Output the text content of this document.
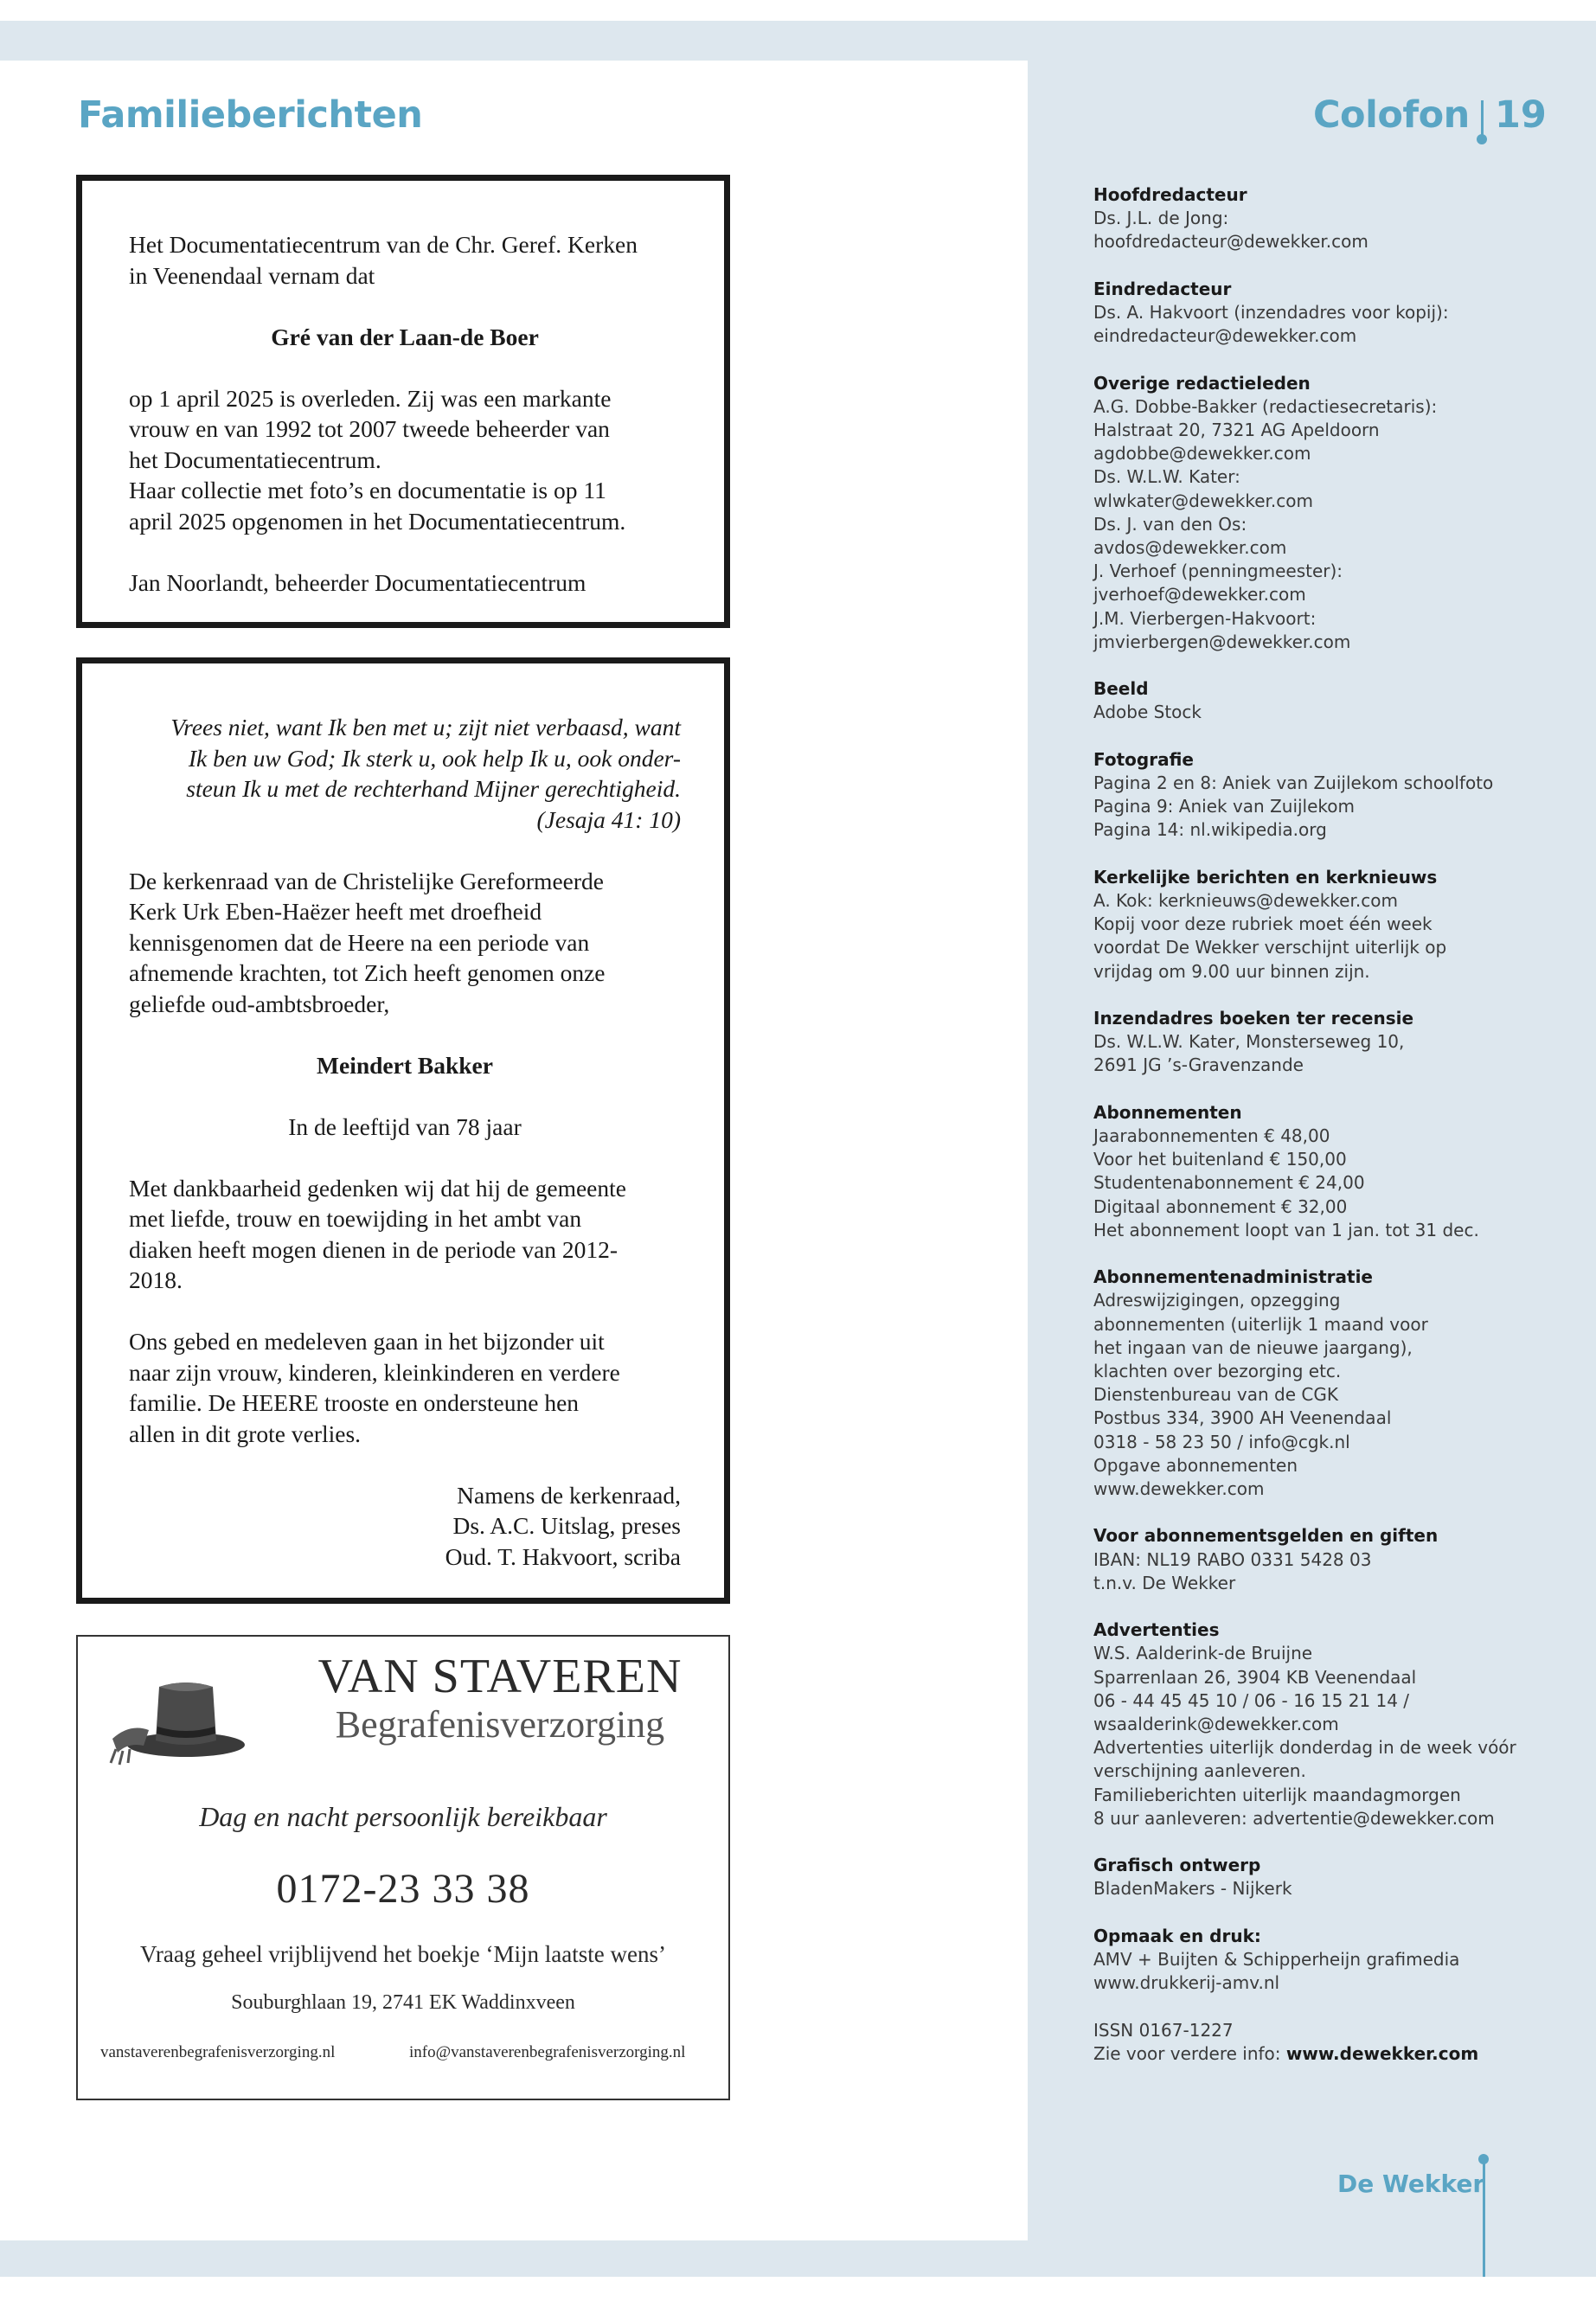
Familieberichten	Colofon 19

Het Documentatiecentrum van de Chr. Geref. Kerken

in Veenendaal vernam dat

Gré van der Laan-de Boer

op 1 april 2025 is overleden. Zij was een markante

vrouw en van 1992 tot 2007 tweede beheerder van

het Documentatiecentrum.

Haar collectie met foto’s en documentatie is op 11

april 2025 opgenomen in het Documentatiecentrum.

Jan Noorlandt, beheerder Documentatiecentrum

Vrees niet, want Ik ben met u; zijt niet verbaasd, want

Ik ben uw God; Ik sterk u, ook help Ik u, ook onder-

steun Ik u met de rechterhand Mijner gerechtigheid.

(Jesaja 41: 10)

De kerkenraad van de Christelijke Gereformeerde

Kerk Urk Eben-Haëzer heeft met droefheid

kennisgenomen dat de Heere na een periode van

afnemende krachten, tot Zich heeft genomen onze

geliefde oud-ambtsbroeder,

Meindert Bakker

In de leeftijd van 78 jaar

Met dankbaarheid gedenken wij dat hij de gemeente

met liefde, trouw en toewijding in het ambt van

diaken heeft mogen dienen in de periode van 2012-

2018.

Ons gebed en medeleven gaan in het bijzonder uit

naar zijn vrouw, kinderen, kleinkinderen en verdere

familie. De HEERE trooste en ondersteune hen

allen in dit grote verlies.

Namens de kerkenraad,

Ds. A.C. Uitslag, preses

Oud. T. Hakvoort, scriba

VAN STAVEREN
Begrafenisverzorging
Dag en nacht persoonlijk bereikbaar
0172-23 33 38
Vraag geheel vrijblijvend het boekje ‘Mijn laatste wens’
Souburghlaan 19, 2741 EK Waddinxveen
vanstaverenbegrafenisverzorging.nl	info@vanstaverenbegrafenisverzorging.nl
Hoofdredacteur
Ds. J.L. de Jong:
hoofdredacteur@dewekker.com
Eindredacteur
Ds. A. Hakvoort (inzendadres voor kopij):
eindredacteur@dewekker.com
Overige redactieleden
A.G. Dobbe-Bakker (redactiesecretaris):
Halstraat 20, 7321 AG Apeldoorn
agdobbe@dewekker.com
Ds. W.L.W. Kater:
wlwkater@dewekker.com
Ds. J. van den Os:
avdos@dewekker.com
J. Verhoef (penningmeester):
jverhoef@dewekker.com
J.M. Vierbergen-Hakvoort:
jmvierbergen@dewekker.com
Beeld
Adobe Stock
Fotografie
Pagina 2 en 8: Aniek van Zuijlekom schoolfoto
Pagina 9: Aniek van Zuijlekom
Pagina 14: nl.wikipedia.org
Kerkelijke berichten en kerknieuws
A. Kok: kerknieuws@dewekker.com
Kopij voor deze rubriek moet één week
voordat De Wekker verschijnt uiterlijk op
vrijdag om 9.00 uur binnen zijn.
Inzendadres boeken ter recensie
Ds. W.L.W. Kater, Monsterseweg 10,
2691 JG ’s-Gravenzande
Abonnementen
Jaarabonnementen € 48,00
Voor het buitenland € 150,00
Studentenabonnement € 24,00
Digitaal abonnement € 32,00
Het abonnement loopt van 1 jan. tot 31 dec.
Abonnementenadministratie
Adreswijzigingen, opzegging
abonnementen (uiterlijk 1 maand voor
het ingaan van de nieuwe jaargang),
klachten over bezorging etc.
Dienstenbureau van de CGK
Postbus 334, 3900 AH Veenendaal
0318 - 58 23 50 / info@cgk.nl
Opgave abonnementen
www.dewekker.com
Voor abonnementsgelden en giften
IBAN: NL19 RABO 0331 5428 03
t.n.v. De Wekker
Advertenties
W.S. Aalderink-de Bruijne
Sparrenlaan 26, 3904 KB Veenendaal
06 - 44 45 45 10 / 06 - 16 15 21 14 /
wsaalderink@dewekker.com
Advertenties uiterlijk donderdag in de week vóór
verschijning aanleveren.
Familieberichten uiterlijk maandagmorgen
8 uur aanleveren: advertentie@dewekker.com
Grafisch ontwerp
BladenMakers - Nijkerk
Opmaak en druk:
AMV + Buijten & Schipperheijn grafimedia
www.drukkerij-amv.nl
ISSN 0167-1227
Zie voor verdere info: www.dewekker.com
De Wekker
